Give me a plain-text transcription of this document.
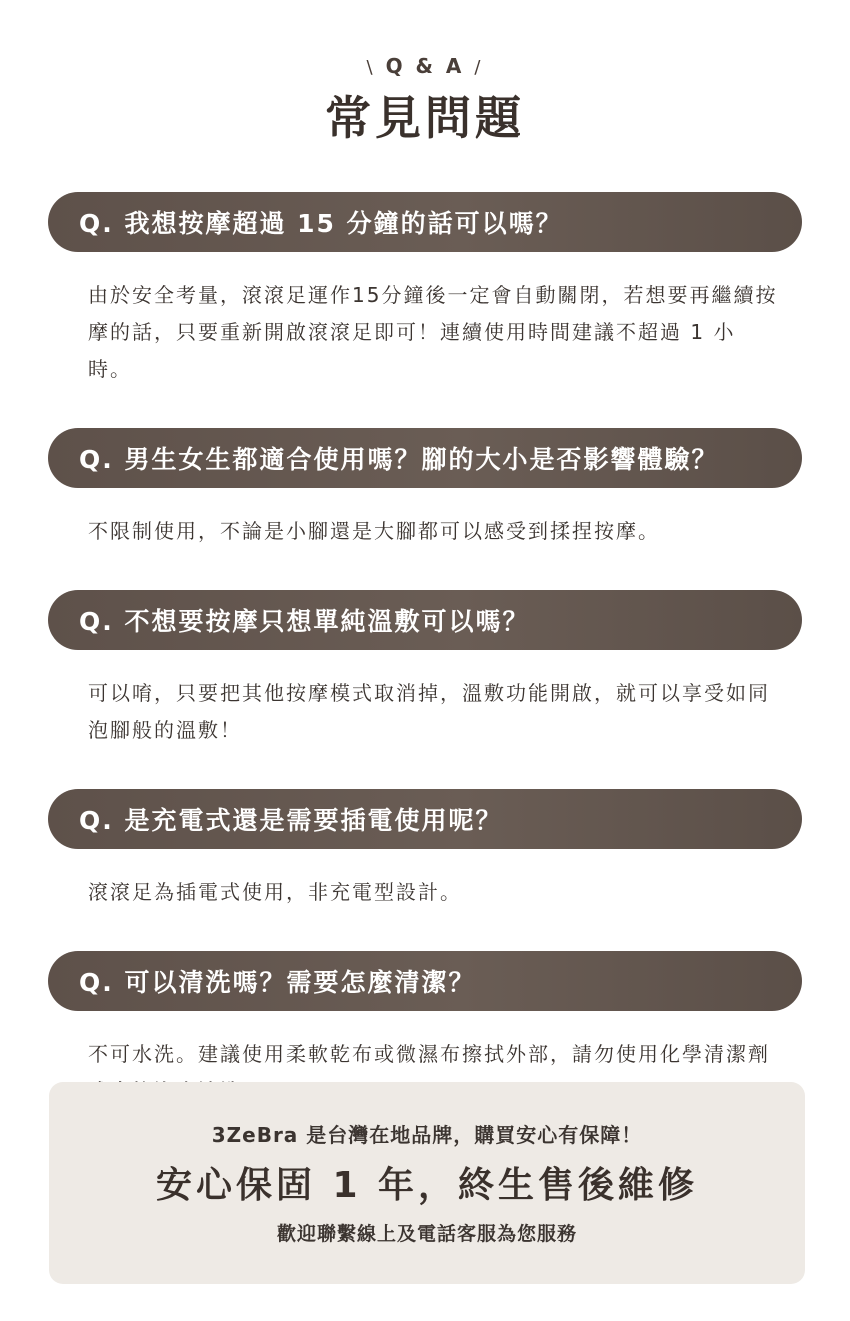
\ Q & A /
常見問題
Q. 我想按摩超過 15 分鐘的話可以嗎？
由於安全考量，滾滾足運作15分鐘後一定會自動關閉，若想要再繼續按摩的話，只要重新開啟滾滾足即可！連續使用時間建議不超過 1 小時。
Q. 男生女生都適合使用嗎？腳的大小是否影響體驗？
不限制使用，不論是小腳還是大腳都可以感受到揉捏按摩。
Q. 不想要按摩只想單純溫敷可以嗎？
可以唷，只要把其他按摩模式取消掉，溫敷功能開啟，就可以享受如同泡腳般的溫敷！
Q. 是充電式還是需要插電使用呢？
滾滾足為插電式使用，非充電型設計。
Q. 可以清洗嗎？需要怎麼清潔？
不可水洗。建議使用柔軟乾布或微濕布擦拭外部，請勿使用化學清潔劑
3ZeBra 是台灣在地品牌，購買安心有保障！
安心保固 1 年，終生售後維修
歡迎聯繫線上及電話客服為您服務
